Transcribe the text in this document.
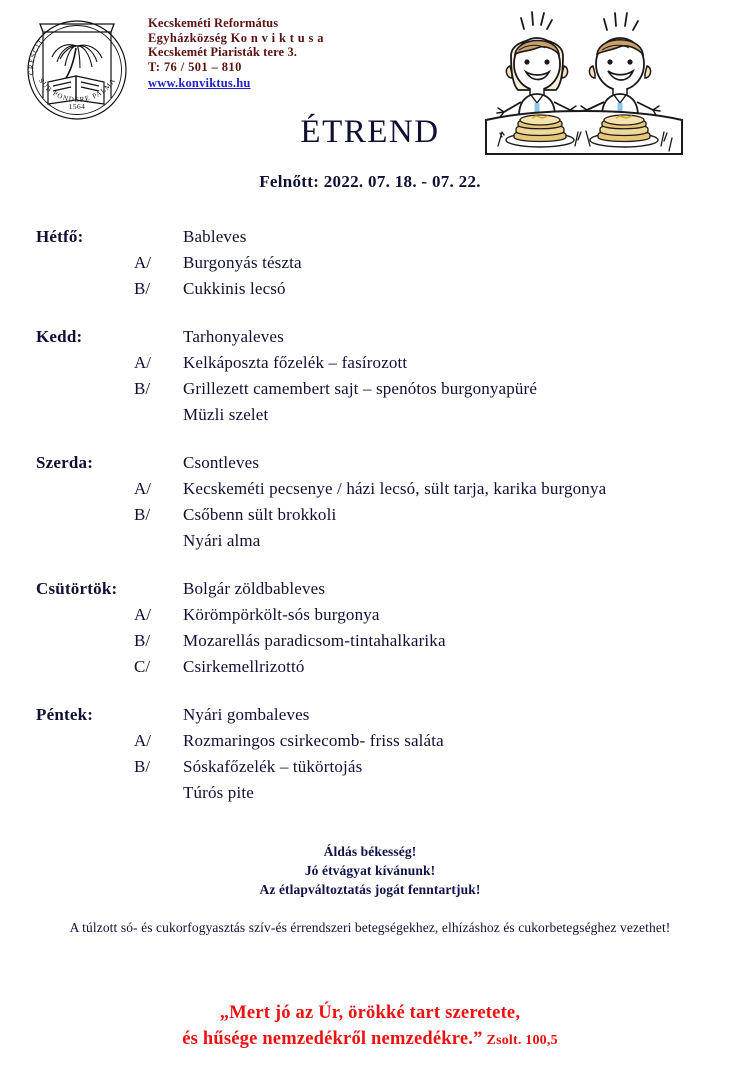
1564
CRESCIT
SUB PONDERE PALMA
Kecskeméti Református
Egyházközség Ko n v i k t u s a
Kecskemét Piaristák tere 3.
T: 76 / 501 – 810
www.konviktus.hu
ÉTREND
Felnőtt: 2022. 07. 18. - 07. 22.
Hétfő:	Bableves
A/ Burgonyás tészta
B/ Cukkinis lecsó
Kedd:	Tarhonyaleves
A/ Kelkáposzta főzelék – fasírozott
B/ Grillezett camembert sajt – spenótos burgonyapüré
Müzli szelet
Szerda:	Csontleves
A/ Kecskeméti pecsenye / házi lecsó, sült tarja, karika burgonya
B/ Csőbenn sült brokkoli
Nyári alma
Csütörtök:	Bolgár zöldbableves
A/ Körömpörkölt-sós burgonya
B/ Mozarellás paradicsom-tintahalkarika
C/ Csirkemellrizottó
Péntek:	Nyári gombaleves
A/ Rozmaringos csirkecomb- friss saláta
B/ Sóskafőzelék – tükörtojás
Túrós pite
Áldás békesség!
Jó étvágyat kívánunk!
Az étlapváltoztatás jogát fenntartjuk!
A túlzott só- és cukorfogyasztás szív-és érrendszeri betegségekhez, elhízáshoz és cukorbetegséghez vezethet!
„Mert jó az Úr, örökké tart szeretete,
és hűsége nemzedékről nemzedékre.” Zsolt. 100,5
